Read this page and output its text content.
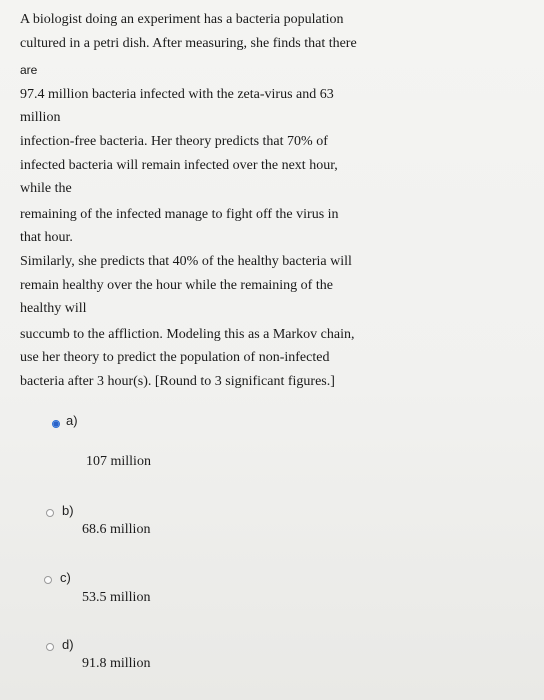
A biologist doing an experiment has a bacteria population
cultured in a petri dish. After measuring, she finds that there
are
97.4 million bacteria infected with the zeta-virus and 63
million
infection-free bacteria. Her theory predicts that 70% of
infected bacteria will remain infected over the next hour,
while the
remaining of the infected manage to fight off the virus in
that hour.
Similarly, she predicts that 40% of the healthy bacteria will
remain healthy over the hour while the remaining of the
healthy will
succumb to the affliction. Modeling this as a Markov chain,
use her theory to predict the population of non-infected
bacteria after 3 hour(s). [Round to 3 significant figures.]
a)
107 million
b)
68.6 million
c)
53.5 million
d)
91.8 million
